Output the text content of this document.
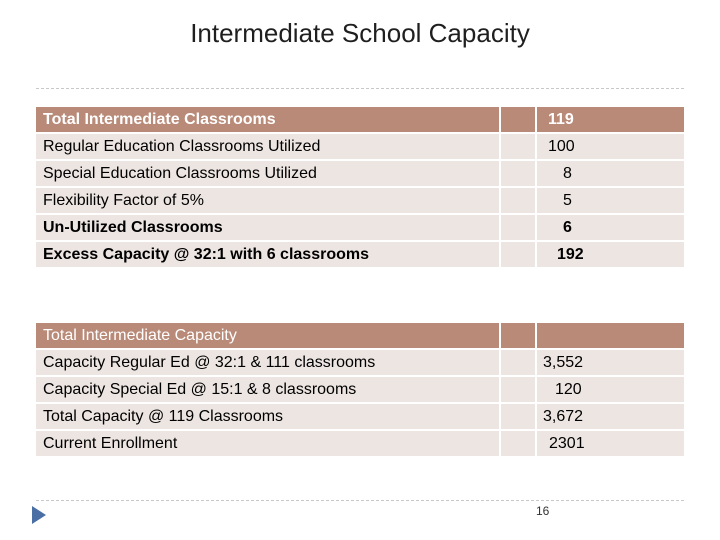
Intermediate School Capacity
Total Intermediate Classrooms		119
Regular Education Classrooms Utilized		100
Special Education Classrooms Utilized		8
Flexibility Factor of 5%		5
Un-Utilized Classrooms		6
Excess Capacity @ 32:1 with 6 classrooms		192
Total Intermediate Capacity		
Capacity Regular Ed @ 32:1 & 111 classrooms		3,552
Capacity Special Ed @ 15:1 & 8 classrooms		120
Total Capacity @ 119 Classrooms		3,672
Current Enrollment		2301
16
